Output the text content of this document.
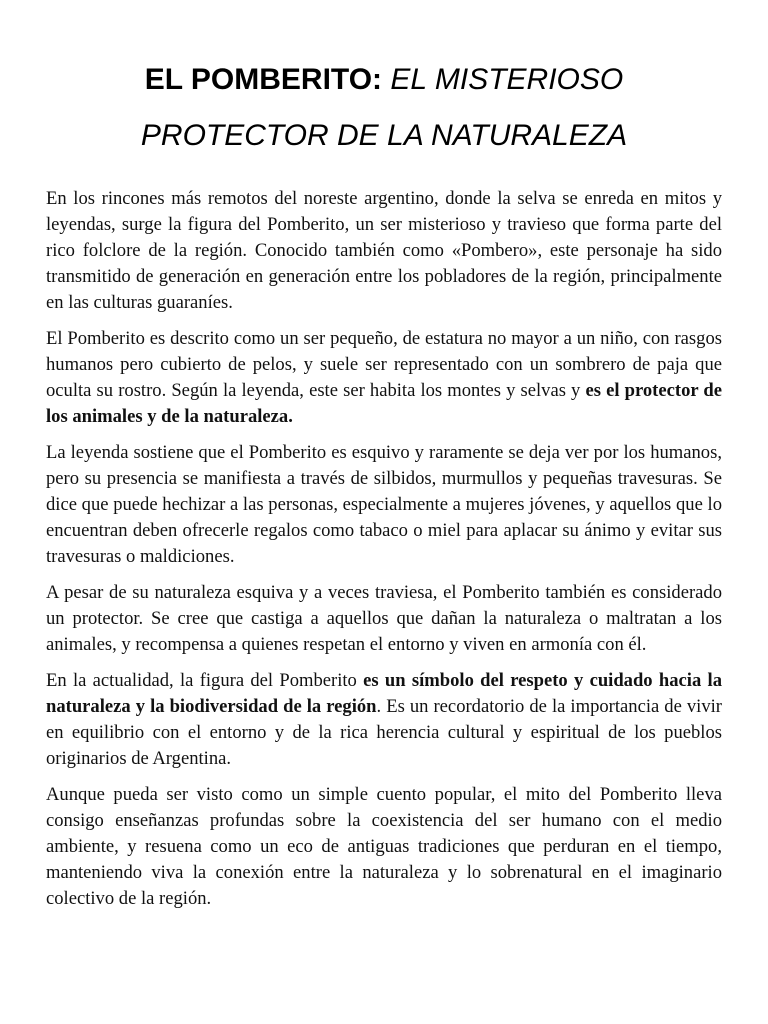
EL POMBERITO: EL MISTERIOSO
PROTECTOR DE LA NATURALEZA

En los rincones más remotos del noreste argentino, donde la selva se enreda en mitos y leyendas, surge la figura del Pomberito, un ser misterioso y travieso que forma parte del rico folclore de la región. Conocido también como «Pombero», este personaje ha sido transmitido de generación en generación entre los pobladores de la región, principalmente en las culturas guaraníes.

El Pomberito es descrito como un ser pequeño, de estatura no mayor a un niño, con rasgos humanos pero cubierto de pelos, y suele ser representado con un sombrero de paja que oculta su rostro. Según la leyenda, este ser habita los montes y selvas y es el protector de los animales y de la naturaleza.

La leyenda sostiene que el Pomberito es esquivo y raramente se deja ver por los humanos, pero su presencia se manifiesta a través de silbidos, murmullos y pequeñas travesuras. Se dice que puede hechizar a las personas, especialmente a mujeres jóvenes, y aquellos que lo encuentran deben ofrecerle regalos como tabaco o miel para aplacar su ánimo y evitar sus travesuras o maldiciones.

A pesar de su naturaleza esquiva y a veces traviesa, el Pomberito también es considerado un protector. Se cree que castiga a aquellos que dañan la naturaleza o maltratan a los animales, y recompensa a quienes respetan el entorno y viven en armonía con él.

En la actualidad, la figura del Pomberito es un símbolo del respeto y cuidado hacia la naturaleza y la biodiversidad de la región. Es un recordatorio de la importancia de vivir en equilibrio con el entorno y de la rica herencia cultural y espiritual de los pueblos originarios de Argentina.

Aunque pueda ser visto como un simple cuento popular, el mito del Pomberito lleva consigo enseñanzas profundas sobre la coexistencia del ser humano con el medio ambiente, y resuena como un eco de antiguas tradiciones que perduran en el tiempo, manteniendo viva la conexión entre la naturaleza y lo sobrenatural en el imaginario colectivo de la región.
